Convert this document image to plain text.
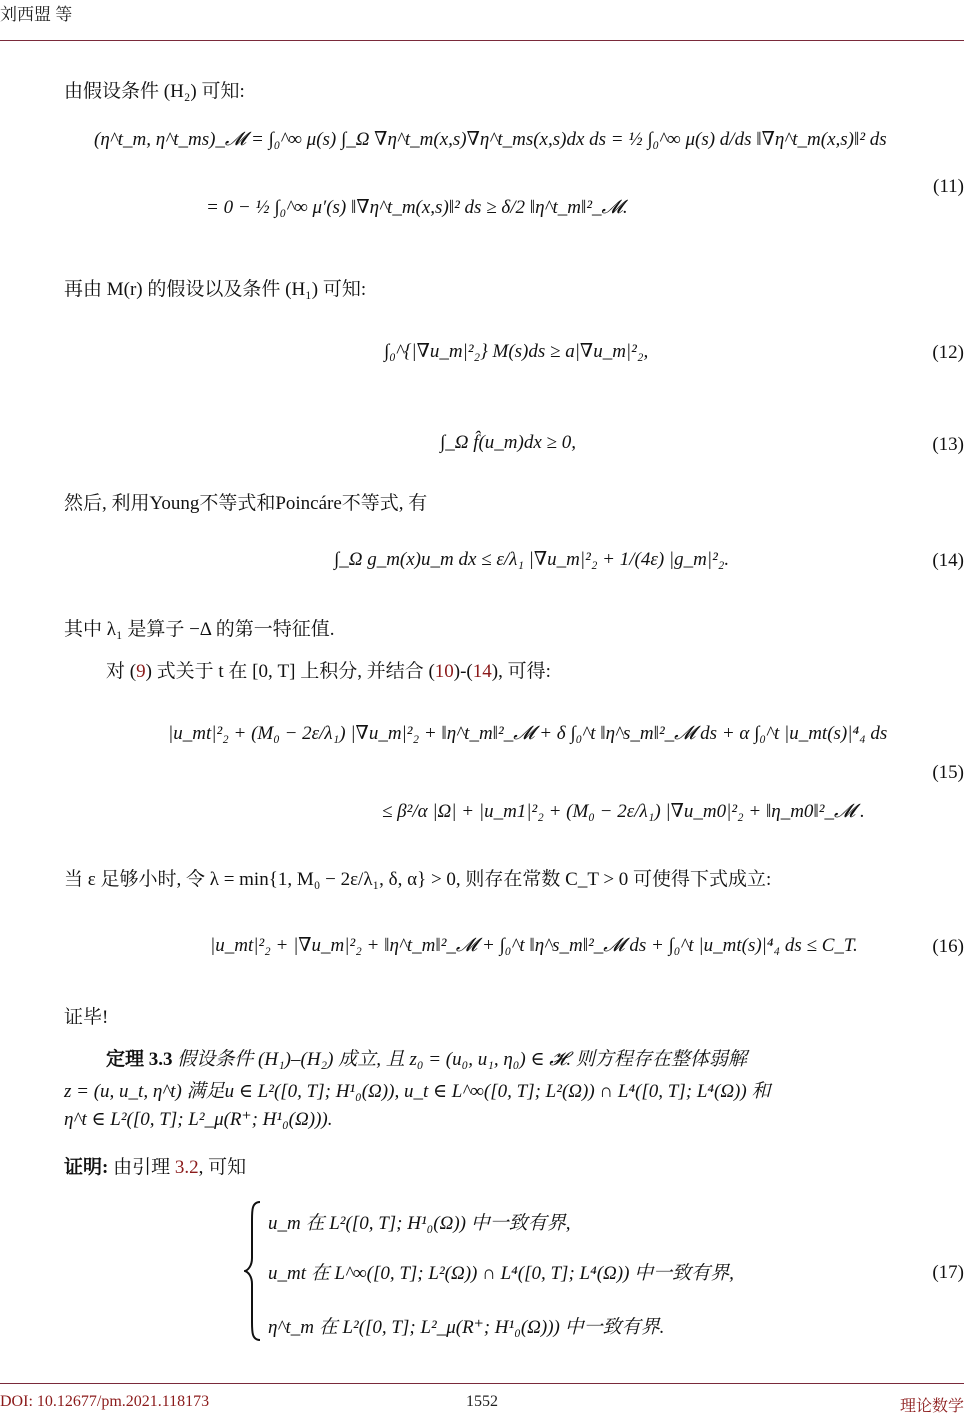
刘西盟 等
由假设条件 (H₂) 可知:
(η^t_m, η^t_ms)_𝓜 = ∫₀^∞ μ(s) ∫_Ω ∇η^t_m(x,s)∇η^t_ms(x,s)dx ds = ½ ∫₀^∞ μ(s) d/ds ‖∇η^t_m(x,s)‖² ds
= 0 − ½ ∫₀^∞ μ′(s) ‖∇η^t_m(x,s)‖² ds ≥ δ/2 ‖η^t_m‖²_𝓜.
(11)
再由 M(r) 的假设以及条件 (H₁) 可知:
∫₀^{|∇u_m|²₂} M(s)ds ≥ a|∇u_m|²₂,	(12)
∫_Ω f̂(u_m)dx ≥ 0,	(13)
然后, 利用Young不等式和Poincáre不等式, 有
∫_Ω g_m(x)u_m dx ≤ ε/λ₁ |∇u_m|²₂ + 1/(4ε) |g_m|²₂.	(14)
其中 λ₁ 是算子 −Δ 的第一特征值.
对 (9) 式关于 t 在 [0, T] 上积分, 并结合 (10)-(14), 可得:
|u_mt|²₂ + (M₀ − 2ε/λ₁) |∇u_m|²₂ + ‖η^t_m‖²_𝓜 + δ ∫₀^t ‖η^s_m‖²_𝓜 ds + α ∫₀^t |u_mt(s)|⁴₄ ds
≤ β²/α |Ω| + |u_m1|²₂ + (M₀ − 2ε/λ₁) |∇u_m0|²₂ + ‖η_m0‖²_𝓜 .
(15)
当 ε 足够小时, 令 λ = min{1, M₀ − 2ε/λ₁, δ, α} > 0, 则存在常数 C_T > 0 可使得下式成立:
|u_mt|²₂ + |∇u_m|²₂ + ‖η^t_m‖²_𝓜 + ∫₀^t ‖η^s_m‖²_𝓜 ds + ∫₀^t |u_mt(s)|⁴₄ ds ≤ C_T.	(16)
证毕!
定理 3.3 假设条件 (H₁)–(H₂) 成立, 且 z₀ = (u₀, u₁, η₀) ∈ 𝓗. 则方程存在整体弱解
z = (u, u_t, η^t) 满足u ∈ L²([0, T]; H¹₀(Ω)), u_t ∈ L^∞([0, T]; L²(Ω)) ∩ L⁴([0, T]; L⁴(Ω)) 和
η^t ∈ L²([0, T]; L²_μ(R⁺; H¹₀(Ω))).
证明: 由引理 3.2, 可知
u_m 在 L²([0, T]; H¹₀(Ω)) 中一致有界,
u_mt 在 L^∞([0, T]; L²(Ω)) ∩ L⁴([0, T]; L⁴(Ω)) 中一致有界,
η^t_m 在 L²([0, T]; L²_μ(R⁺; H¹₀(Ω))) 中一致有界.
(17)
DOI: 10.12677/pm.2021.118173	1552	理论数学
